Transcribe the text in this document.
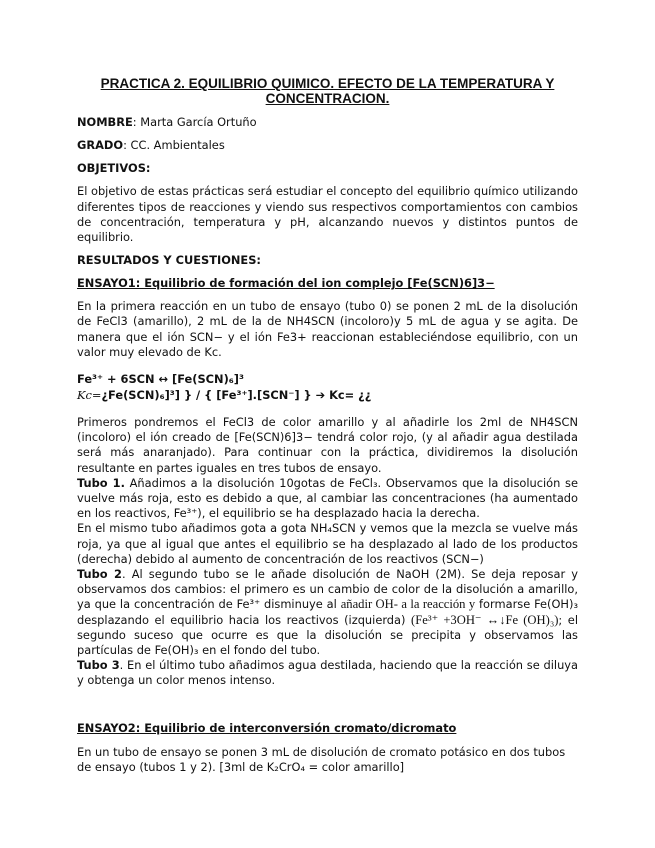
PRACTICA 2. EQUILIBRIO QUIMICO. EFECTO DE LA TEMPERATURA Y
CONCENTRACION.

NOMBRE: Marta García Ortuño

GRADO: CC. Ambientales

OBJETIVOS:

El objetivo de estas prácticas será estudiar el concepto del equilibrio químico utilizando diferentes tipos de reacciones y viendo sus respectivos comportamientos con cambios de concentración, temperatura y pH, alcanzando nuevos y distintos puntos de equilibrio.

RESULTADOS Y CUESTIONES:

ENSAYO1: Equilibrio de formación del ion complejo [Fe(SCN)6]3−

En la primera reacción en un tubo de ensayo (tubo 0) se ponen 2 mL de la disolución de FeCl3 (amarillo), 2 mL de la de NH4SCN (incoloro)y 5 mL de agua y se agita. De manera que el ión SCN− y el ión Fe3+ reaccionan estableciéndose equilibrio, con un valor muy elevado de Kc.

Fe³⁺ + 6SCN ↔ [Fe(SCN)₆]³

Kc=¿Fe(SCN)₆]³] } / { [Fe³⁺].[SCN⁻] } ➔ Kc= ¿¿

Primeros pondremos el FeCl3 de color amarillo y al añadirle los 2ml de NH4SCN (incoloro) el ión creado de [Fe(SCN)6]3− tendrá color rojo, (y al añadir agua destilada será más anaranjado). Para continuar con la práctica, dividiremos la disolución resultante en partes iguales en tres tubos de ensayo.

Tubo 1. Añadimos a la disolución 10gotas de FeCl₃. Observamos que la disolución se vuelve más roja, esto es debido a que, al cambiar las concentraciones (ha aumentado en los reactivos, Fe³⁺), el equilibrio se ha desplazado hacia la derecha.

En el mismo tubo añadimos gota a gota NH₄SCN y vemos que la mezcla se vuelve más roja, ya que al igual que antes el equilibrio se ha desplazado al lado de los productos (derecha) debido al aumento de concentración de los reactivos (SCN−)

Tubo 2. Al segundo tubo se le añade disolución de NaOH (2M). Se deja reposar y observamos dos cambios: el primero es un cambio de color de la disolución a amarillo, ya que la concentración de Fe³⁺ disminuye al añadir OH- a la reacción y formarse Fe(OH)₃ desplazando el equilibrio hacia los reactivos (izquierda) (Fe³⁺ +3OH⁻ ↔↓Fe (OH)₃); el segundo suceso que ocurre es que la disolución se precipita y observamos las partículas de Fe(OH)₃ en el fondo del tubo.

Tubo 3. En el último tubo añadimos agua destilada, haciendo que la reacción se diluya y obtenga un color menos intenso.

ENSAYO2: Equilibrio de interconversión cromato/dicromato

En un tubo de ensayo se ponen 3 mL de disolución de cromato potásico en dos tubos de ensayo (tubos 1 y 2). [3ml de K₂CrO₄ = color amarillo]
